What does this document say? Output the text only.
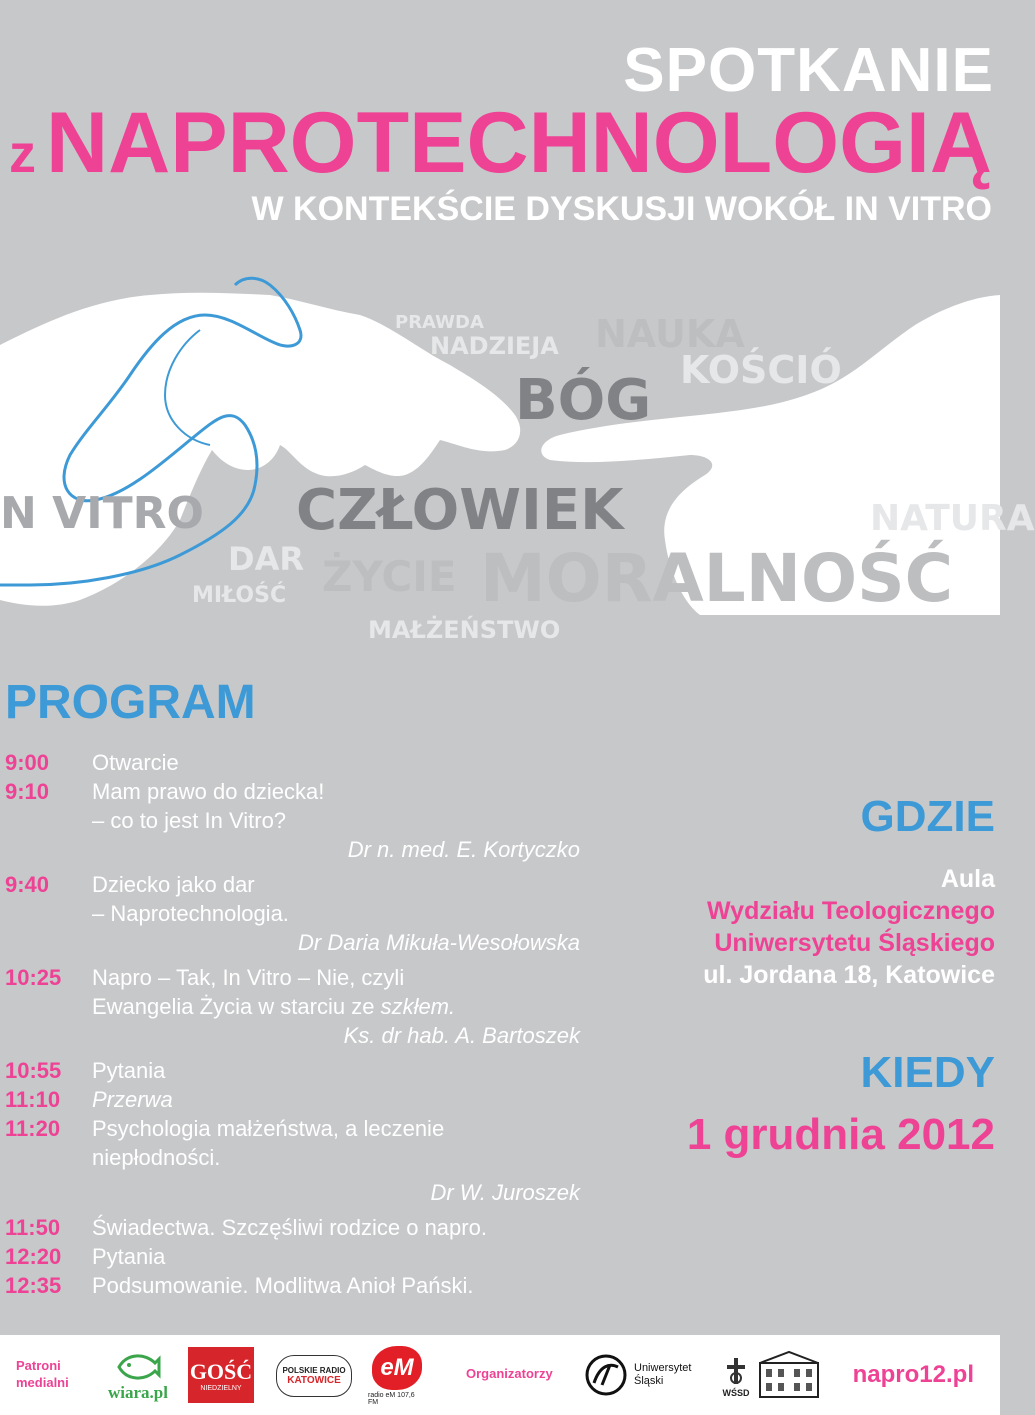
SPOTKANIE
z NAPROTECHNOLOGIĄ
W KONTEKŚCIE DYSKUSJI WOKÓŁ IN VITRO
PRAWDA
NADZIEJA NAUKA
KOŚCIÓ
BÓG
N VITRO CZŁOWIEK	NATURA
DAR ŻYCIE MORALNOŚĆ
MIŁOŚĆ
MAŁŻEŃSTWO
PROGRAM
9:00	Otwarcie
9:10	Mam prawo do dziecka!
– co to jest In Vitro?
Dr n. med. E. Kortyczko
9:40	Dziecko jako dar
– Naprotechnologia.
Dr Daria Mikuła-Wesołowska
10:25	Napro – Tak, In Vitro – Nie, czyli
Ewangelia Życia w starciu ze szkłem.
Ks. dr hab. A. Bartoszek
10:55	Pytania
11:10	Przerwa
11:20	Psychologia małżeństwa, a leczenie
niepłodności.
Dr W. Juroszek
11:50	Świadectwa. Szczęśliwi rodzice o napro.
12:20	Pytania
12:35	Podsumowanie. Modlitwa Anioł Pański.
GDZIE
Aula
Wydziału Teologicznego
Uniwersytetu Śląskiego
ul. Jordana 18, Katowice
KIEDY
1 grudnia 2012
Patroni
medialni
wiara.pl
GOŚĆ
NIEDZIELNY
POLSKIE RADIO
KATOWICE	eM
radio eM 107,6 FM
Organizatorzy	Uniwersytet
Śląski
WŚSD
napro12.pl
